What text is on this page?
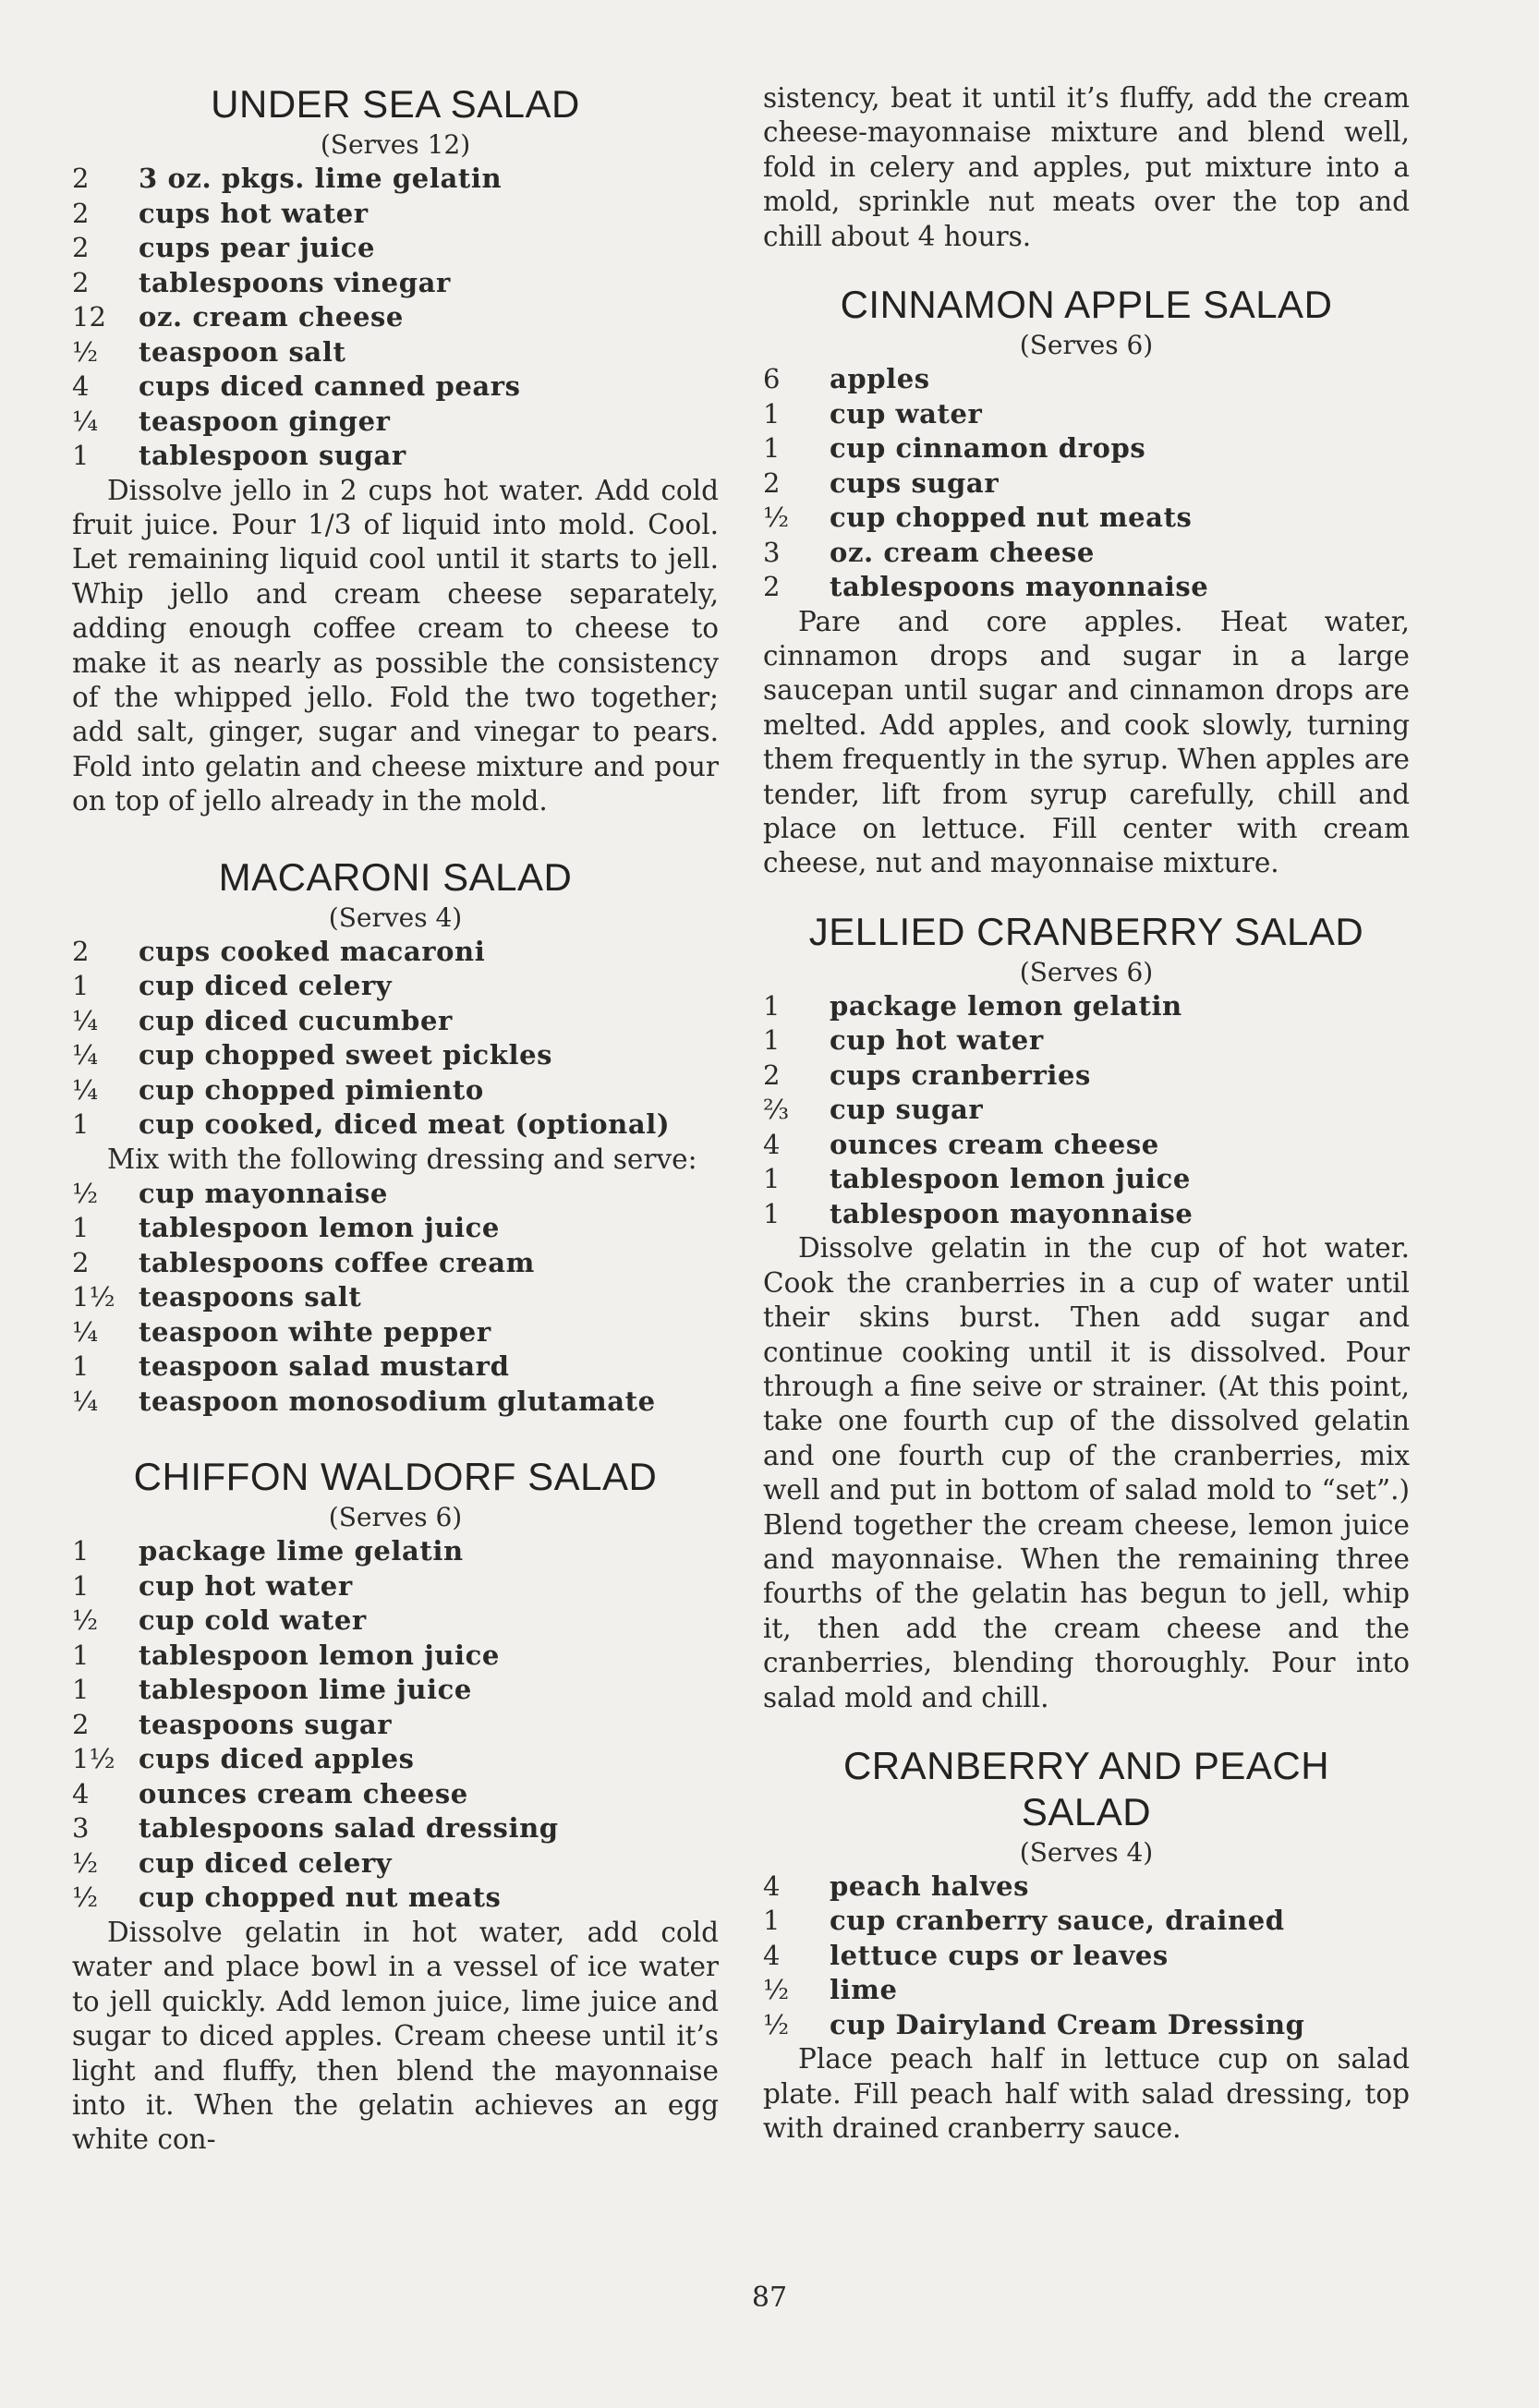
UNDER SEA SALAD

(Serves 12)

2	3 oz. pkgs. lime gelatin
2	cups hot water
2	cups pear juice
2	tablespoons vinegar
12	oz. cream cheese
½	teaspoon salt
4	cups diced canned pears
¼	teaspoon ginger
1	tablespoon sugar

Dissolve jello in 2 cups hot water. Add cold fruit juice. Pour 1/3 of liquid into mold. Cool. Let remaining liquid cool until it starts to jell. Whip jello and cream cheese separately, adding enough coffee cream to cheese to make it as nearly as possible the consistency of the whipped jello. Fold the two together; add salt, ginger, sugar and vinegar to pears. Fold into gelatin and cheese mixture and pour on top of jello already in the mold.

MACARONI SALAD

(Serves 4)

2	cups cooked macaroni
1	cup diced celery
¼	cup diced cucumber
¼	cup chopped sweet pickles
¼	cup chopped pimiento
1	cup cooked, diced meat (optional)

Mix with the following dressing and serve:

½	cup mayonnaise
1	tablespoon lemon juice
2	tablespoons coffee cream
1½ teaspoons salt
¼	teaspoon wihte pepper
1	teaspoon salad mustard
¼	teaspoon monosodium glutamate
CHIFFON WALDORF SALAD

(Serves 6)

1	package lime gelatin
1	cup hot water
½	cup cold water
1	tablespoon lemon juice
1	tablespoon lime juice
2	teaspoons sugar
1½ cups diced apples
4	ounces cream cheese
3	tablespoons salad dressing
½	cup diced celery
½	cup chopped nut meats

Dissolve gelatin in hot water, add cold water and place bowl in a vessel of ice water to jell quickly. Add lemon juice, lime juice and sugar to diced apples. Cream cheese until it’s light and fluffy, then blend the mayonnaise into it. When the gelatin achieves an egg white con-

sistency, beat it until it’s fluffy, add the cream cheese-mayonnaise mixture and blend well, fold in celery and apples, put mixture into a mold, sprinkle nut meats over the top and chill about 4 hours.

CINNAMON APPLE SALAD

(Serves 6)

6	apples
1	cup water
1	cup cinnamon drops
2	cups sugar
½	cup chopped nut meats
3	oz. cream cheese
2	tablespoons mayonnaise

Pare and core apples. Heat water, cinnamon drops and sugar in a large saucepan until sugar and cinnamon drops are melted. Add apples, and cook slowly, turning them frequently in the syrup. When apples are tender, lift from syrup carefully, chill and place on lettuce. Fill center with cream cheese, nut and mayonnaise mixture.

JELLIED CRANBERRY SALAD

(Serves 6)

1	package lemon gelatin
1	cup hot water
2	cups cranberries
⅔	cup sugar
4	ounces cream cheese
1	tablespoon lemon juice
1	tablespoon mayonnaise

Dissolve gelatin in the cup of hot water. Cook the cranberries in a cup of water until their skins burst. Then add sugar and continue cooking until it is dissolved. Pour through a fine seive or strainer. (At this point, take one fourth cup of the dissolved gelatin and one fourth cup of the cranberries, mix well and put in bottom of salad mold to “set”.) Blend together the cream cheese, lemon juice and mayonnaise. When the remaining three fourths of the gelatin has begun to jell, whip it, then add the cream cheese and the cranberries, blending thoroughly. Pour into salad mold and chill.

CRANBERRY AND PEACH SALAD

(Serves 4)

4	peach halves
1	cup cranberry sauce, drained
4	lettuce cups or leaves
½	lime
½	cup Dairyland Cream Dressing

Place peach half in lettuce cup on salad plate. Fill peach half with salad dressing, top with drained cranberry sauce.

87
